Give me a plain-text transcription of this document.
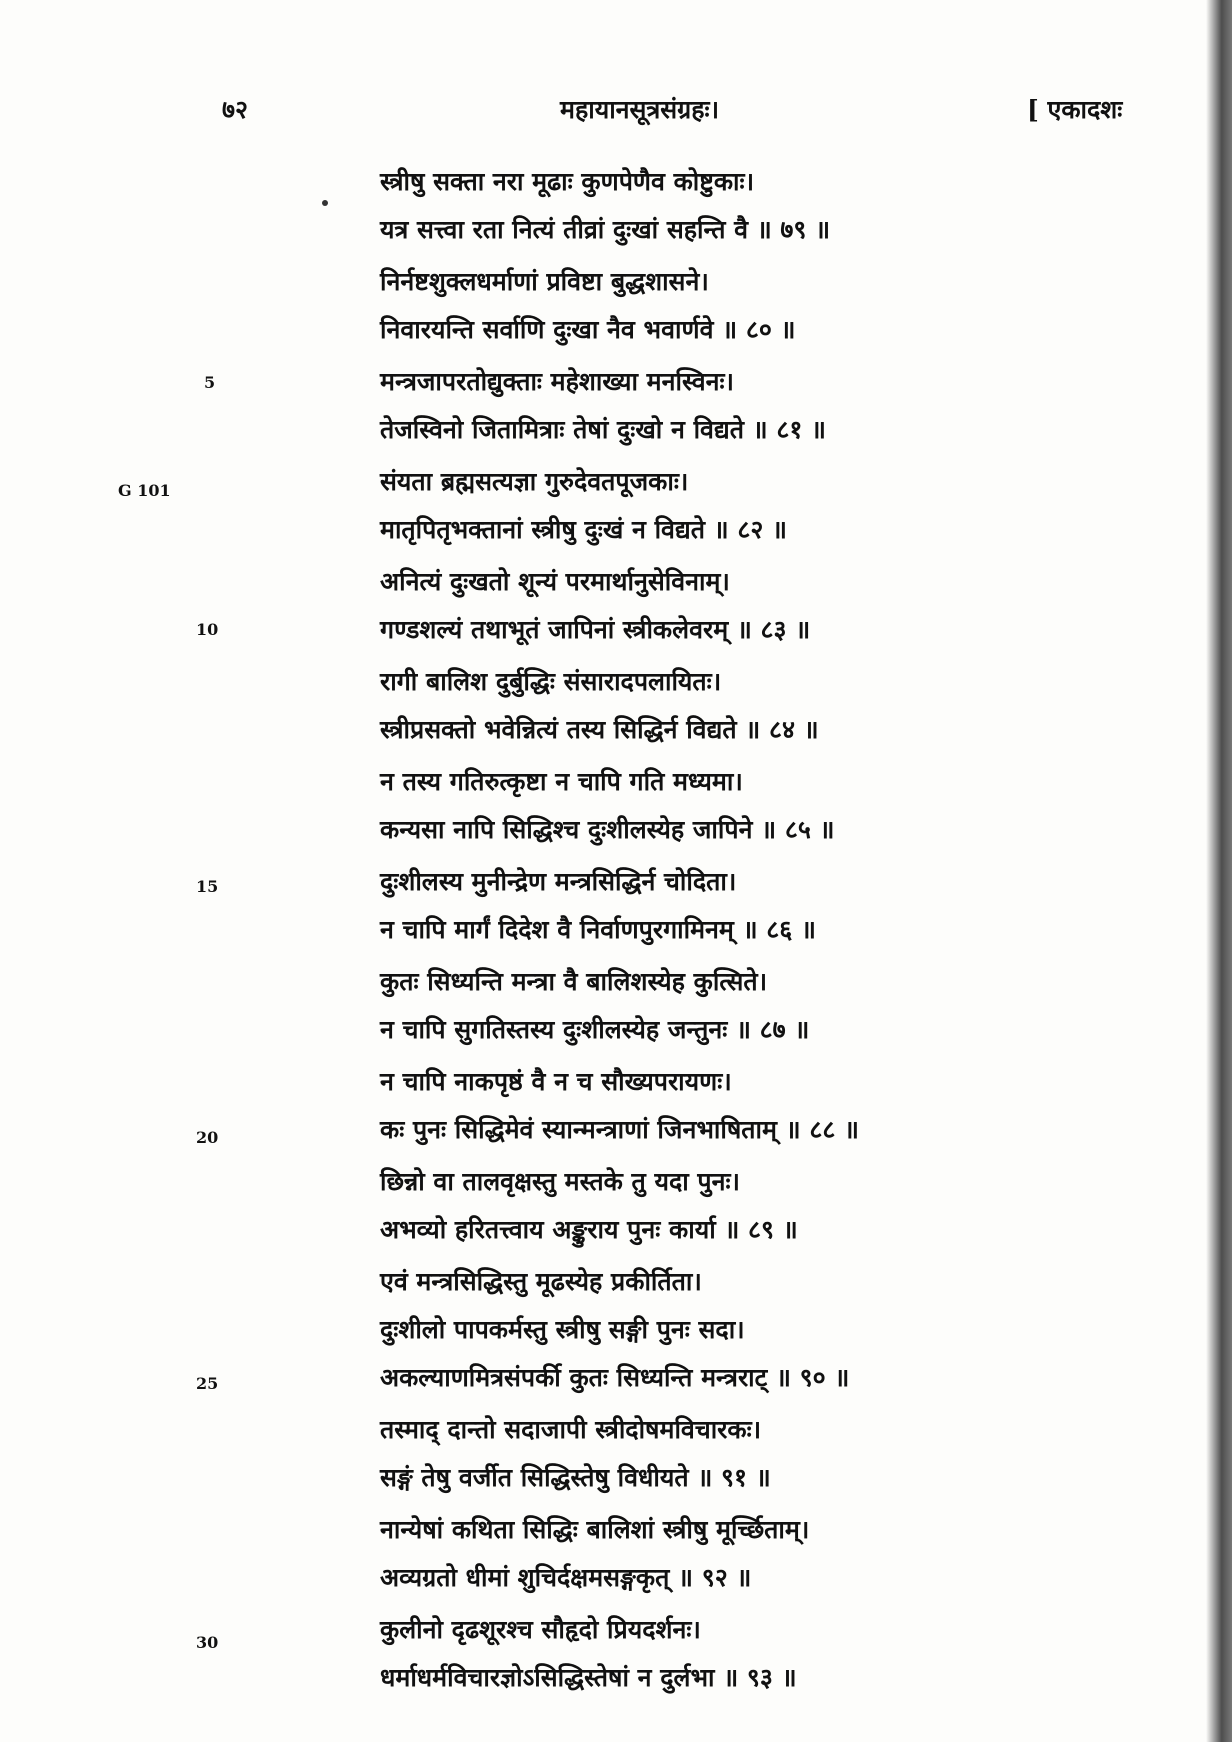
७२	महायानसूत्रसंग्रहः।	[ एकादशः
G 101
5
10
15
20
25
30
स्त्रीषु सक्ता नरा मूढाः कुणपेणैव कोष्टुकाः।
यत्र सत्त्वा रता नित्यं तीव्रां दुःखां सहन्ति वै ॥ ७९ ॥
निर्नष्टशुक्लधर्माणां प्रविष्टा बुद्धशासने।
निवारयन्ति सर्वाणि दुःखा नैव भवार्णवे ॥ ८० ॥
मन्त्रजापरतोद्युक्ताः महेशाख्या मनस्विनः।
तेजस्विनो जितामित्राः तेषां दुःखो न विद्यते ॥ ८१ ॥
संयता ब्रह्मसत्यज्ञा गुरुदेवतपूजकाः।
मातृपितृभक्तानां स्त्रीषु दुःखं न विद्यते ॥ ८२ ॥
अनित्यं दुःखतो शून्यं परमार्थानुसेविनाम्।
गण्डशल्यं तथाभूतं जापिनां स्त्रीकलेवरम् ॥ ८३ ॥
रागी बालिश दुर्बुद्धिः संसारादपलायितः।
स्त्रीप्रसक्तो भवेन्नित्यं तस्य सिद्धिर्न विद्यते ॥ ८४ ॥
न तस्य गतिरुत्कृष्टा न चापि गति मध्यमा।
कन्यसा नापि सिद्धिश्च दुःशीलस्येह जापिने ॥ ८५ ॥
दुःशीलस्य मुनीन्द्रेण मन्त्रसिद्धिर्न चोदिता।
न चापि मार्गं दिदेश वै निर्वाणपुरगामिनम् ॥ ८६ ॥
कुतः सिध्यन्ति मन्त्रा वै बालिशस्येह कुत्सिते।
न चापि सुगतिस्तस्य दुःशीलस्येह जन्तुनः ॥ ८७ ॥
न चापि नाकपृष्ठं वै न च सौख्यपरायणः।
कः पुनः सिद्धिमेवं स्यान्मन्त्राणां जिनभाषिताम् ॥ ८८ ॥
छिन्नो वा तालवृक्षस्तु मस्तके तु यदा पुनः।
अभव्यो हरितत्त्वाय अङ्कुराय पुनः कार्या ॥ ८९ ॥
एवं मन्त्रसिद्धिस्तु मूढस्येह प्रकीर्तिता।
दुःशीलो पापकर्मस्तु स्त्रीषु सङ्गी पुनः सदा।
अकल्याणमित्रसंपर्की कुतः सिध्यन्ति मन्त्रराट् ॥ ९० ॥
तस्माद् दान्तो सदाजापी स्त्रीदोषमविचारकः।
सङ्गं तेषु वर्जीत सिद्धिस्तेषु विधीयते ॥ ९१ ॥
नान्येषां कथिता सिद्धिः बालिशां स्त्रीषु मूर्च्छिताम्।
अव्यग्रतो धीमां शुचिर्दक्षमसङ्गकृत् ॥ ९२ ॥
कुलीनो दृढशूरश्च सौहृदो प्रियदर्शनः।
धर्माधर्मविचारज्ञोऽसिद्धिस्तेषां न दुर्लभा ॥ ९३ ॥
